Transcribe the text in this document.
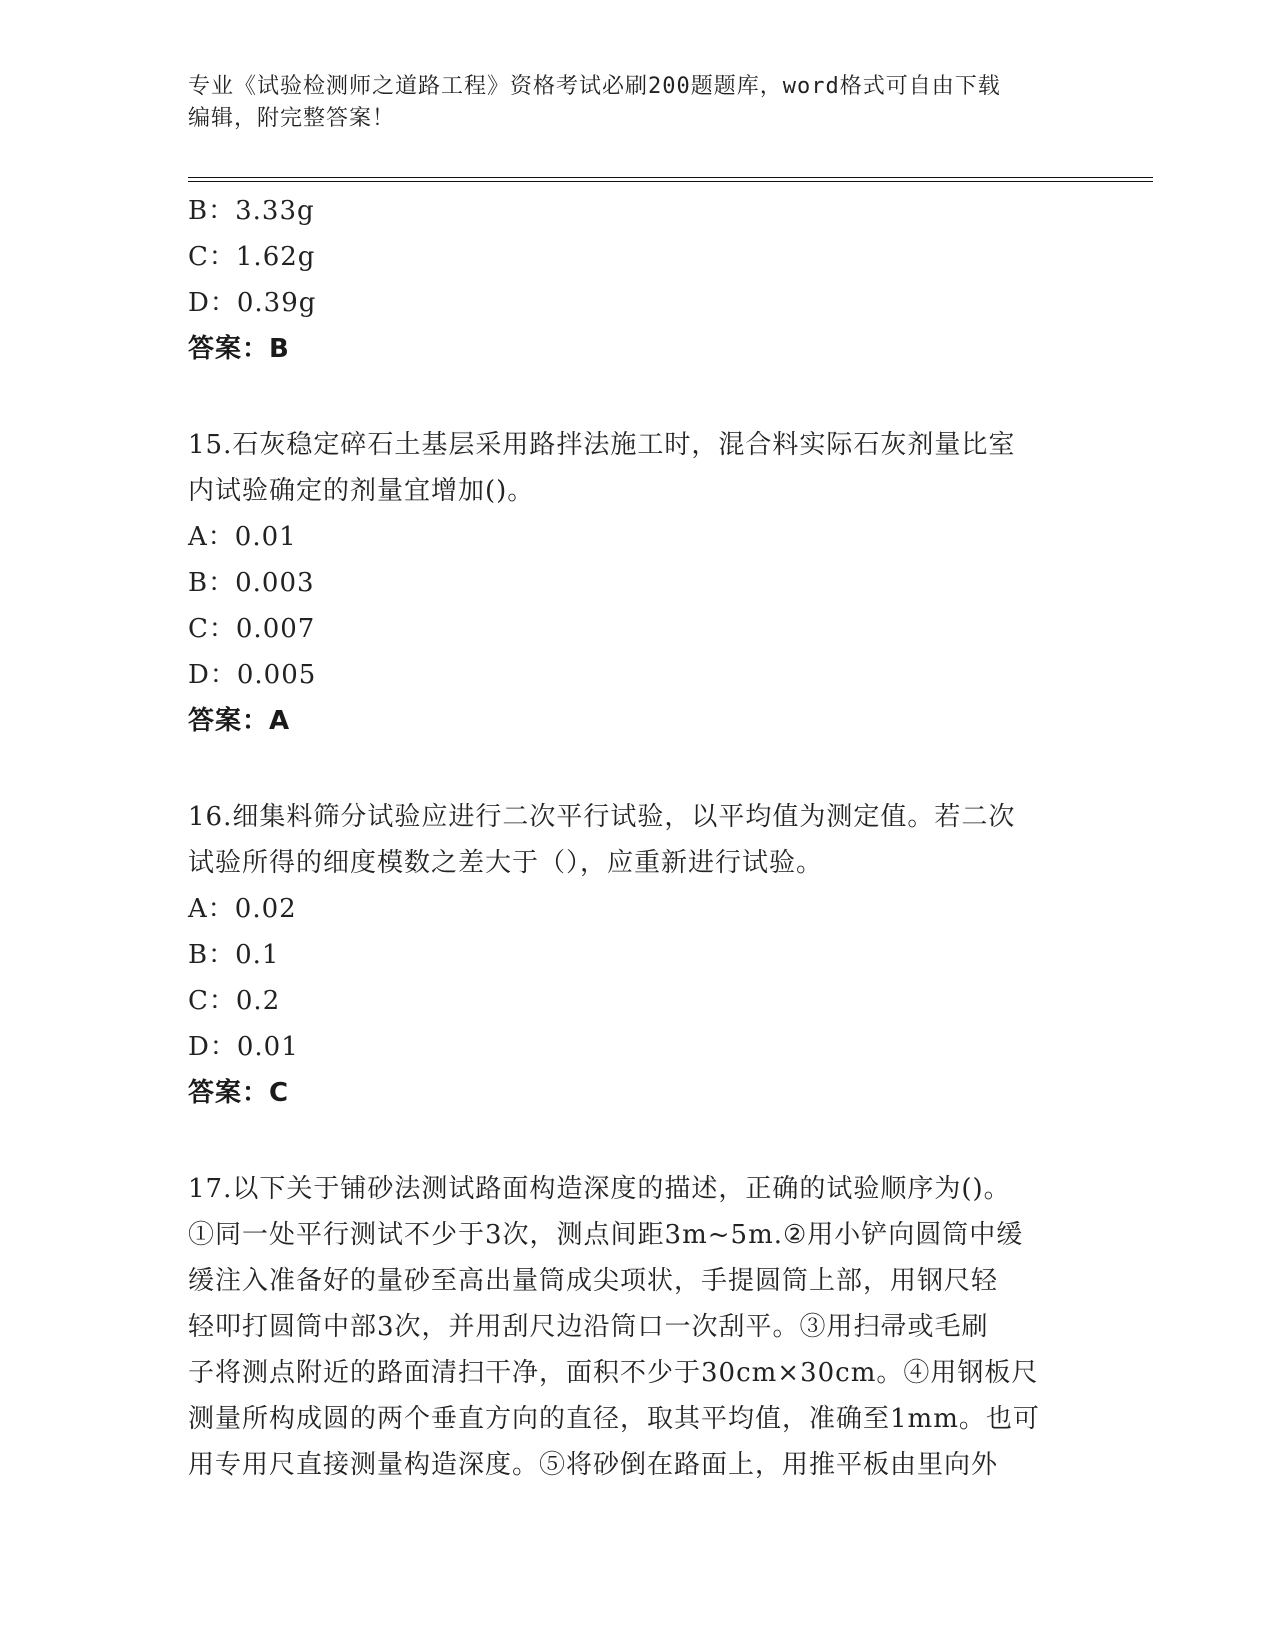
专业《试验检测师之道路工程》资格考试必刷200题题库，word格式可自由下载
编辑，附完整答案！

B：3.33g

C：1.62g

D：0.39g

答案：B

15.石灰稳定碎石土基层采用路拌法施工时，混合料实际石灰剂量比室

内试验确定的剂量宜增加()。

A：0.01

B：0.003

C：0.007

D：0.005

答案：A

16.细集料筛分试验应进行二次平行试验，以平均值为测定值。若二次

试验所得的细度模数之差大于（），应重新进行试验。

A：0.02

B：0.1

C：0.2

D：0.01

答案：C

17.以下关于铺砂法测试路面构造深度的描述，正确的试验顺序为()。

①同一处平行测试不少于3次，测点间距3m~5m.②用小铲向圆筒中缓

缓注入准备好的量砂至高出量筒成尖项状，手提圆筒上部，用钢尺轻

轻叩打圆筒中部3次，并用刮尺边沿筒口一次刮平。③用扫帚或毛刷

子将测点附近的路面清扫干净，面积不少于30cm×30cm。④用钢板尺

测量所构成圆的两个垂直方向的直径，取其平均值，准确至1mm。也可

用专用尺直接测量构造深度。⑤将砂倒在路面上，用推平板由里向外
